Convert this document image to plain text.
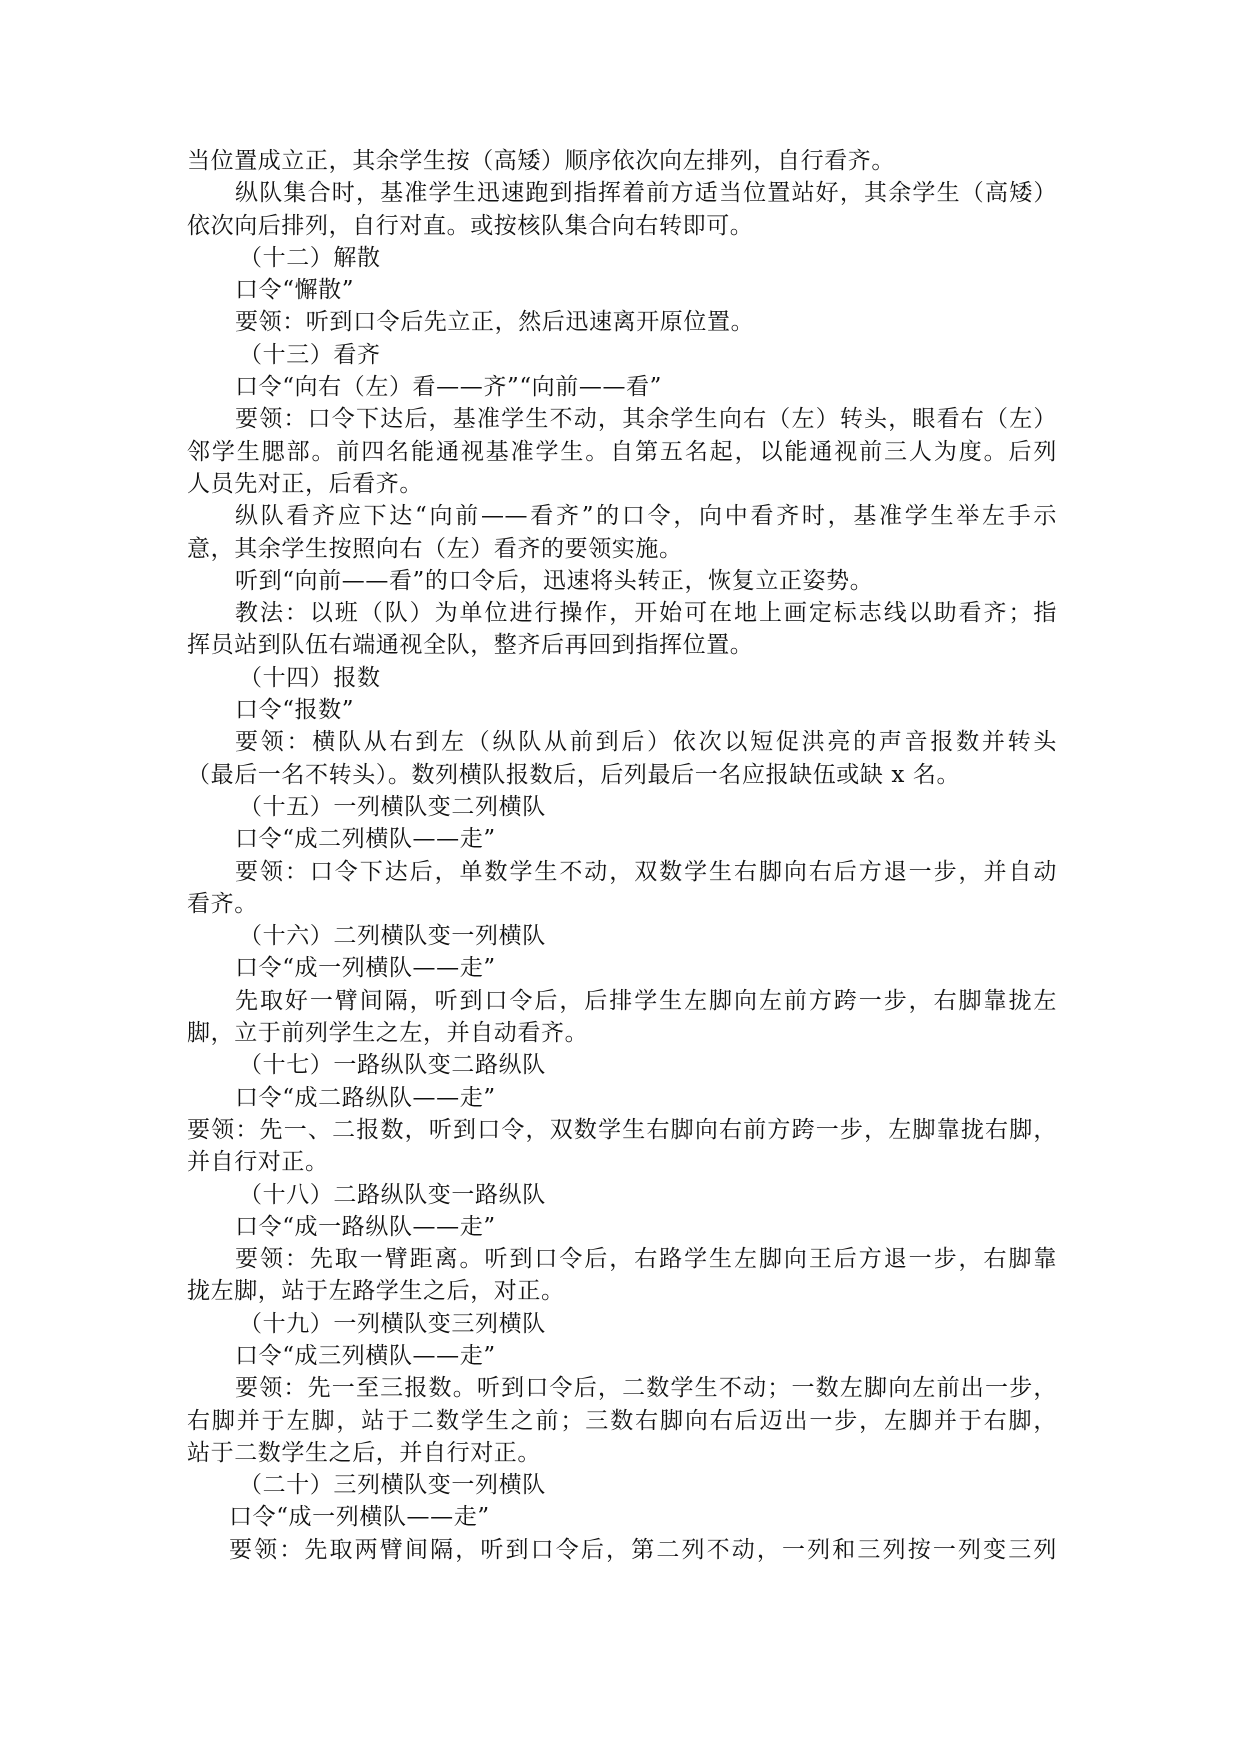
当位置成立正，其余学生按（高矮）顺序依次向左排列，自行看齐。
纵队集合时，基准学生迅速跑到指挥着前方适当位置站好，其余学生（高矮）
依次向后排列，自行对直。或按核队集合向右转即可。
（十二）解散
口令“懈散”
要领：听到口令后先立正，然后迅速离开原位置。
（十三）看齐
口令“向右（左）看——齐”“向前——看”
要领：口令下达后，基准学生不动，其余学生向右（左）转头，眼看右（左）
邻学生腮部。前四名能通视基准学生。自第五名起，以能通视前三人为度。后列
人员先对正，后看齐。
纵队看齐应下达“向前——看齐”的口令，向中看齐时，基准学生举左手示
意，其余学生按照向右（左）看齐的要领实施。
听到“向前——看”的口令后，迅速将头转正，恢复立正姿势。
教法：以班（队）为单位进行操作，开始可在地上画定标志线以助看齐；指
挥员站到队伍右端通视全队，整齐后再回到指挥位置。
（十四）报数
口令“报数”
要领：横队从右到左（纵队从前到后）依次以短促洪亮的声音报数并转头
（最后一名不转头）。数列横队报数后，后列最后一名应报缺伍或缺 x 名。
（十五）一列横队变二列横队
口令“成二列横队——走”
要领：口令下达后，单数学生不动，双数学生右脚向右后方退一步，并自动
看齐。
（十六）二列横队变一列横队
口令“成一列横队——走”
先取好一臂间隔，听到口令后，后排学生左脚向左前方跨一步，右脚靠拢左
脚，立于前列学生之左，并自动看齐。
（十七）一路纵队变二路纵队
口令“成二路纵队——走”
要领：先一、二报数，听到口令，双数学生右脚向右前方跨一步，左脚靠拢右脚，
并自行对正。
（十八）二路纵队变一路纵队
口令“成一路纵队——走”
要领：先取一臂距离。听到口令后，右路学生左脚向王后方退一步，右脚靠
拢左脚，站于左路学生之后，对正。
（十九）一列横队变三列横队
口令“成三列横队——走”
要领：先一至三报数。听到口令后，二数学生不动；一数左脚向左前出一步，
右脚并于左脚，站于二数学生之前；三数右脚向右后迈出一步，左脚并于右脚，
站于二数学生之后，并自行对正。
（二十）三列横队变一列横队
口令“成一列横队——走”
要领：先取两臂间隔，听到口令后，第二列不动，一列和三列按一列变三列
